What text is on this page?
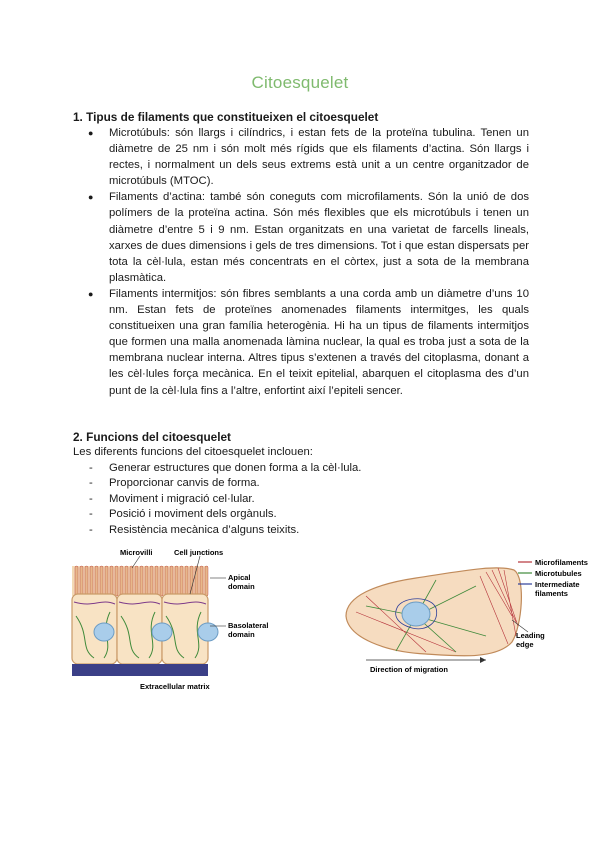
Citoesquelet
1. Tipus de filaments que constitueixen el citoesquelet
● Microtúbuls: són llargs i cilíndrics, i estan fets de la proteïna tubulina. Tenen un diàmetre de 25 nm i són molt més rígids que els filaments d’actina. Són llargs i rectes, i normalment un dels seus extrems està unit a un centre organitzador de microtúbuls (MTOC).
● Filaments d’actina: també són coneguts com microfilaments. Són la unió de dos polímers de la proteïna actina. Són més flexibles que els microtúbuls i tenen un diàmetre d’entre 5 i 9 nm. Estan organitzats en una varietat de farcells lineals, xarxes de dues dimensions i gels de tres dimensions. Tot i que estan dispersats per tota la cèl·lula, estan més concentrats en el còrtex, just a sota de la membrana plasmàtica.
● Filaments intermitjos: són fibres semblants a una corda amb un diàmetre d’uns 10 nm. Estan fets de proteïnes anomenades filaments intermitges, les quals constitueixen una gran família heterogènia. Hi ha un tipus de filaments intermitjos que formen una malla anomenada làmina nuclear, la qual es troba just a sota de la membrana nuclear interna. Altres tipus s’extenen a través del citoplasma, donant a les cèl·lules força mecànica. En el teixit epitelial, abarquen el citoplasma des d’un punt de la cèl·lula fins a l’altre, enfortint així l’epiteli sencer.
2. Funcions del citoesquelet

Les diferents funcions del citoesquelet inclouen:

- Generar estructures que donen forma a la cèl·lula.
- Proporcionar canvis de forma.
- Moviment i migració cel·lular.
- Posició i moviment dels orgànuls.
- Resistència mecànica d’alguns teixits.
Microvilli	Cell junctions
Apical
domain
Basolateral
domain
Extracellular matrix
Microfilaments
Microtubules
Intermediate
filaments
Leading
edge
Direction of migration
